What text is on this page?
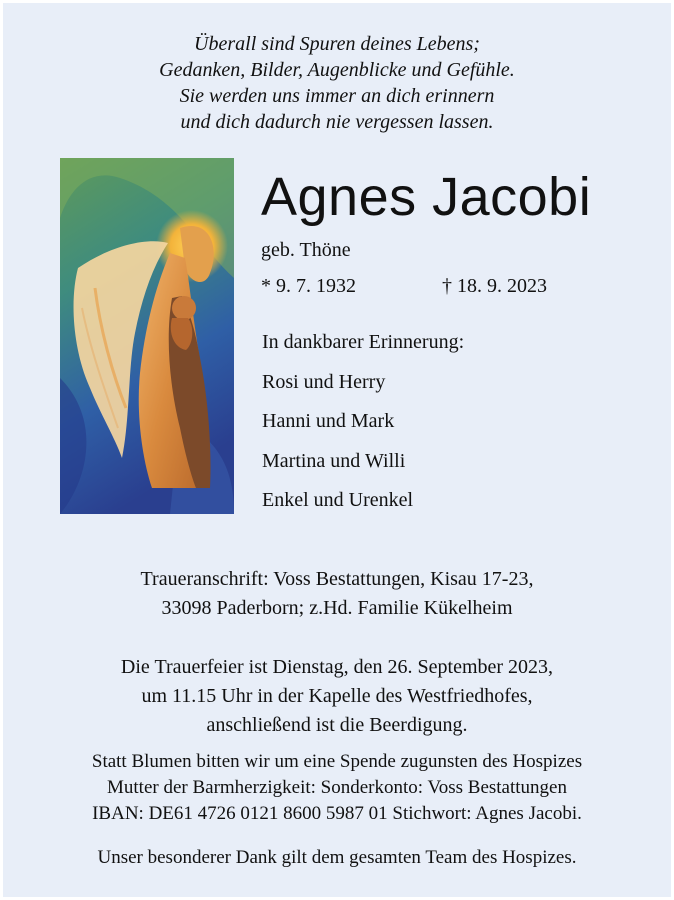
Überall sind Spuren deines Lebens;
Gedanken, Bilder, Augenblicke und Gefühle.
Sie werden uns immer an dich erinnern
und dich dadurch nie vergessen lassen.
Agnes Jacobi
geb. Thöne
* 9. 7. 1932	† 18. 9. 2023
In dankbarer Erinnerung:
Rosi und Herry
Hanni und Mark
Martina und Willi
Enkel und Urenkel
Traueranschrift: Voss Bestattungen, Kisau 17-23,
33098 Paderborn; z.Hd. Familie Kükelheim
Die Trauerfeier ist Dienstag, den 26. September 2023,
um 11.15 Uhr in der Kapelle des Westfriedhofes,
anschließend ist die Beerdigung.
Statt Blumen bitten wir um eine Spende zugunsten des Hospizes
Mutter der Barmherzigkeit: Sonderkonto: Voss Bestattungen
IBAN: DE61 4726 0121 8600 5987 01 Stichwort: Agnes Jacobi.
Unser besonderer Dank gilt dem gesamten Team des Hospizes.
